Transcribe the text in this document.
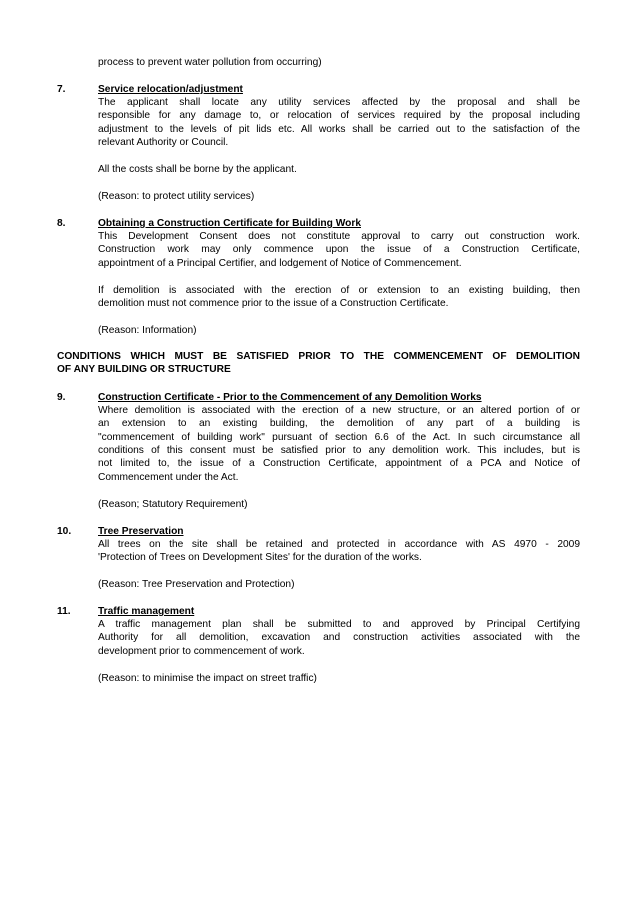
process to prevent water pollution from occurring)
7.	Service relocation/adjustment
The applicant shall locate any utility services affected by the proposal and shall be
responsible for any damage to, or relocation of services required by the proposal including
adjustment to the levels of pit lids etc. All works shall be carried out to the satisfaction of the
relevant Authority or Council.
All the costs shall be borne by the applicant.
(Reason: to protect utility services)
8.	Obtaining a Construction Certificate for Building Work
This Development Consent does not constitute approval to carry out construction work.
Construction work may only commence upon the issue of a Construction Certificate,
appointment of a Principal Certifier, and lodgement of Notice of Commencement.
If demolition is associated with the erection of or extension to an existing building, then
demolition must not commence prior to the issue of a Construction Certificate.
(Reason: Information)
CONDITIONS WHICH MUST BE SATISFIED PRIOR TO THE COMMENCEMENT OF DEMOLITION
OF ANY BUILDING OR STRUCTURE
9.	Construction Certificate - Prior to the Commencement of any Demolition Works
Where demolition is associated with the erection of a new structure, or an altered portion of or
an extension to an existing building, the demolition of any part of a building is
"commencement of building work" pursuant of section 6.6 of the Act. In such circumstance all
conditions of this consent must be satisfied prior to any demolition work. This includes, but is
not limited to, the issue of a Construction Certificate, appointment of a PCA and Notice of
Commencement under the Act.
(Reason; Statutory Requirement)
10.	Tree Preservation
All trees on the site shall be retained and protected in accordance with AS 4970 - 2009
'Protection of Trees on Development Sites' for the duration of the works.
(Reason: Tree Preservation and Protection)
11.	Traffic management
A traffic management plan shall be submitted to and approved by Principal Certifying
Authority for all demolition, excavation and construction activities associated with the
development prior to commencement of work.
(Reason: to minimise the impact on street traffic)
